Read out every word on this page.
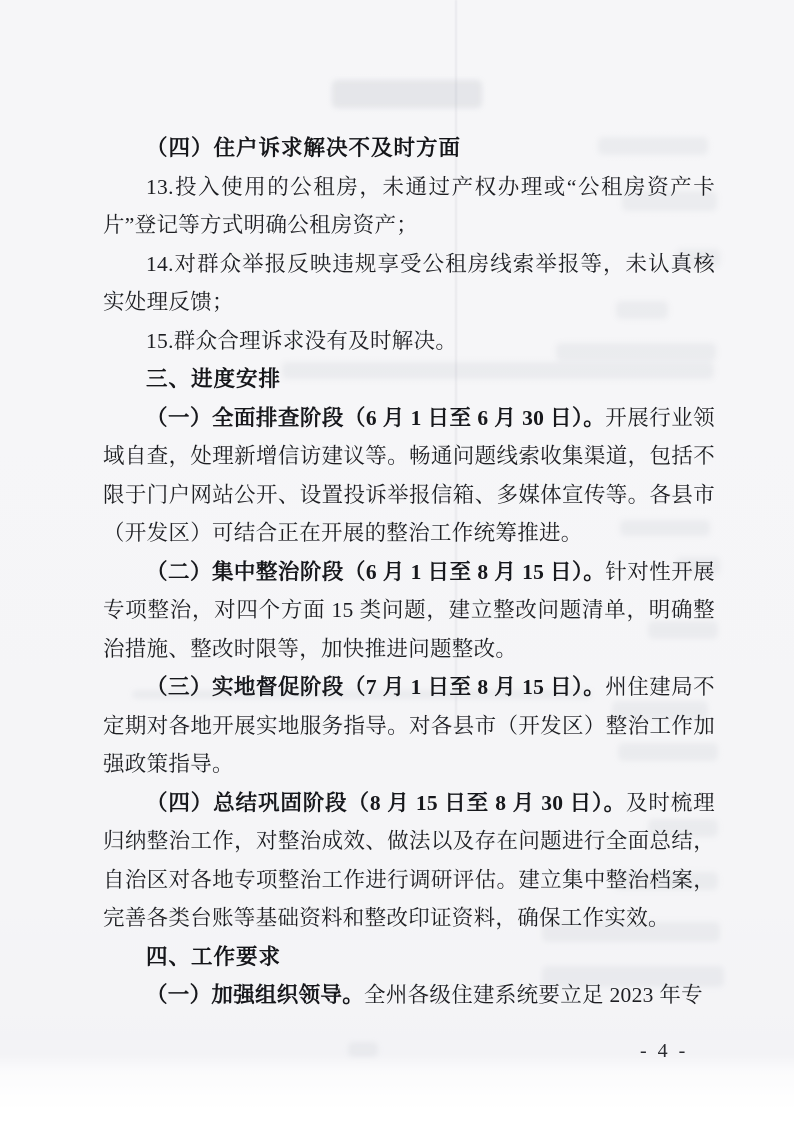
（四）住户诉求解决不及时方面

13.投入使用的公租房，未通过产权办理或“公租房资产卡片”登记等方式明确公租房资产；

14.对群众举报反映违规享受公租房线索举报等，未认真核实处理反馈；

15.群众合理诉求没有及时解决。

三、进度安排

（一）全面排查阶段（6 月 1 日至 6 月 30 日）。开展行业领域自查，处理新增信访建议等。畅通问题线索收集渠道，包括不限于门户网站公开、设置投诉举报信箱、多媒体宣传等。各县市（开发区）可结合正在开展的整治工作统筹推进。

（二）集中整治阶段（6 月 1 日至 8 月 15 日）。针对性开展专项整治，对四个方面 15 类问题，建立整改问题清单，明确整治措施、整改时限等，加快推进问题整改。

（三）实地督促阶段（7 月 1 日至 8 月 15 日）。州住建局不定期对各地开展实地服务指导。对各县市（开发区）整治工作加强政策指导。

（四）总结巩固阶段（8 月 15 日至 8 月 30 日）。及时梳理归纳整治工作，对整治成效、做法以及存在问题进行全面总结，自治区对各地专项整治工作进行调研评估。建立集中整治档案，完善各类台账等基础资料和整改印证资料，确保工作实效。

四、工作要求

（一）加强组织领导。全州各级住建系统要立足 2023 年专

- 4 -
